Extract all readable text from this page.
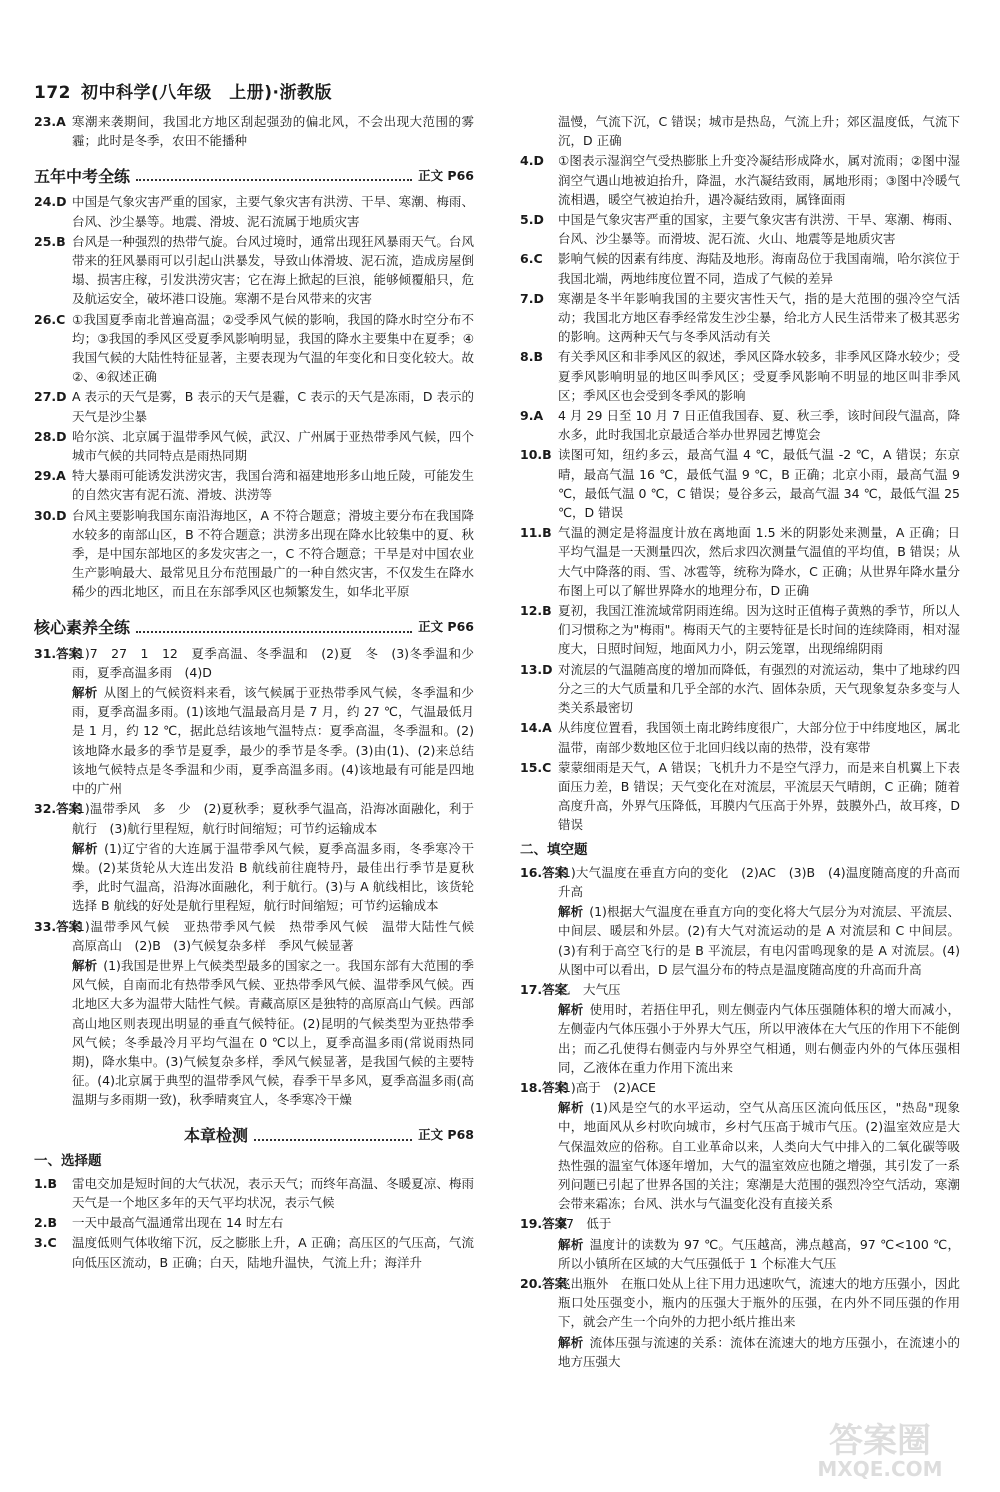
172 初中科学(八年级　上册)·浙教版
23.A 寒潮来袭期间，我国北方地区刮起强劲的偏北风，不会出现大范围的雾霾；此时是冬季，农田不能播种
五年中考全练	正文 P66
24.D 中国是气象灾害严重的国家，主要气象灾害有洪涝、干旱、寒潮、梅雨、台风、沙尘暴等。地震、滑坡、泥石流属于地质灾害
25.B 台风是一种强烈的热带气旋。台风过境时，通常出现狂风暴雨天气。台风带来的狂风暴雨可以引起山洪暴发，导致山体滑坡、泥石流，造成房屋倒塌、损害庄稼，引发洪涝灾害；它在海上掀起的巨浪，能够倾覆船只，危及航运安全，破坏港口设施。寒潮不是台风带来的灾害
26.C ①我国夏季南北普遍高温；②受季风气候的影响，我国的降水时空分布不均；③我国的季风区受夏季风影响明显，我国的降水主要集中在夏季；④我国气候的大陆性特征显著，主要表现为气温的年变化和日变化较大。故②、④叙述正确
27.D A 表示的天气是雾，B 表示的天气是霾，C 表示的天气是冻雨，D 表示的天气是沙尘暴
28.D 哈尔滨、北京属于温带季风气候，武汉、广州属于亚热带季风气候，四个城市气候的共同特点是雨热同期
29.A 特大暴雨可能诱发洪涝灾害，我国台湾和福建地形多山地丘陵，可能发生的自然灾害有泥石流、滑坡、洪涝等
30.D 台风主要影响我国东南沿海地区，A 不符合题意；滑坡主要分布在我国降水较多的南部山区，B 不符合题意；洪涝多出现在降水比较集中的夏、秋季，是中国东部地区的多发灾害之一，C 不符合题意；干旱是对中国农业生产影响最大、最常见且分布范围最广的一种自然灾害，不仅发生在降水稀少的西北地区，而且在东部季风区也频繁发生，如华北平原
核心素养全练	正文 P66
31.答案
(1)7　27　1　12　夏季高温、冬季温和　(2)夏　冬　(3)冬季温和少雨，夏季高温多雨　(4)D
解析 从图上的气候资料来看，该气候属于亚热带季风气候，冬季温和少雨，夏季高温多雨。(1)该地气温最高月是 7 月，约 27 ℃，气温最低月是 1 月，约 12 ℃，据此总结该地气温特点：夏季高温，冬季温和。(2)该地降水最多的季节是夏季，最少的季节是冬季。(3)由(1)、(2)来总结该地气候特点是冬季温和少雨，夏季高温多雨。(4)该地最有可能是四地中的广州
32.答案
(1)温带季风　多　少　(2)夏秋季；夏秋季气温高，沿海冰面融化，利于航行　(3)航行里程短，航行时间缩短；可节约运输成本
解析 (1)辽宁省的大连属于温带季风气候，夏季高温多雨，冬季寒冷干燥。(2)某货轮从大连出发沿 B 航线前往鹿特丹，最佳出行季节是夏秋季，此时气温高，沿海冰面融化，利于航行。(3)与 A 航线相比，该货轮选择 B 航线的好处是航行里程短，航行时间缩短；可节约运输成本
33.答案
(1)温带季风气候　亚热带季风气候　热带季风气候　温带大陆性气候　高原高山　(2)B　(3)气候复杂多样　季风气候显著
解析 (1)我国是世界上气候类型最多的国家之一。我国东部有大范围的季风气候，自南而北有热带季风气候、亚热带季风气候、温带季风气候。西北地区大多为温带大陆性气候。青藏高原区是独特的高原高山气候。西部高山地区则表现出明显的垂直气候特征。(2)昆明的气候类型为亚热带季风气候；冬季最冷月平均气温在 0 ℃以上，夏季高温多雨(常说雨热同期)，降水集中。(3)气候复杂多样，季风气候显著，是我国气候的主要特征。(4)北京属于典型的温带季风气候，春季干旱多风，夏季高温多雨(高温期与多雨期一致)，秋季晴爽宜人，冬季寒冷干燥
本章检测	正文 P68
一、选择题
1.B 雷电交加是短时间的大气状况，表示天气；而终年高温、冬暖夏凉、梅雨天气是一个地区多年的天气平均状况，表示气候
2.B 一天中最高气温通常出现在 14 时左右
3.C 温度低则气体收缩下沉，反之膨胀上升，A 正确；高压区的气压高，气流向低压区流动，B 正确；白天，陆地升温快，气流上升；海洋升
温慢，气流下沉，C 错误；城市是热岛，气流上升；郊区温度低，气流下沉，D 正确
4.D ①图表示湿润空气受热膨胀上升变冷凝结形成降水，属对流雨；②图中湿润空气遇山地被迫抬升，降温，水汽凝结致雨，属地形雨；③图中冷暖气流相遇，暖空气被迫抬升，遇冷凝结致雨，属锋面雨
5.D 中国是气象灾害严重的国家，主要气象灾害有洪涝、干旱、寒潮、梅雨、台风、沙尘暴等。而滑坡、泥石流、火山、地震等是地质灾害
6.C 影响气候的因素有纬度、海陆及地形。海南岛位于我国南端，哈尔滨位于我国北端，两地纬度位置不同，造成了气候的差异
7.D 寒潮是冬半年影响我国的主要灾害性天气，指的是大范围的强冷空气活动；我国北方地区春季经常发生沙尘暴，给北方人民生活带来了极其恶劣的影响。这两种天气与冬季风活动有关
8.B 有关季风区和非季风区的叙述，季风区降水较多，非季风区降水较少；受夏季风影响明显的地区叫季风区；受夏季风影响不明显的地区叫非季风区；季风区也会受到冬季风的影响
9.A 4 月 29 日至 10 月 7 日正值我国春、夏、秋三季，该时间段气温高，降水多，此时我国北京最适合举办世界园艺博览会
10.B 读图可知，纽约多云，最高气温 4 ℃，最低气温 -2 ℃，A 错误；东京晴，最高气温 16 ℃，最低气温 9 ℃，B 正确；北京小雨，最高气温 9 ℃，最低气温 0 ℃，C 错误；曼谷多云，最高气温 34 ℃，最低气温 25 ℃，D 错误
11.B 气温的测定是将温度计放在离地面 1.5 米的阴影处来测量，A 正确；日平均气温是一天测量四次，然后求四次测量气温值的平均值，B 错误；从大气中降落的雨、雪、冰雹等，统称为降水，C 正确；从世界年降水量分布图上可以了解世界降水的地理分布，D 正确
12.B 夏初，我国江淮流域常阴雨连绵。因为这时正值梅子黄熟的季节，所以人们习惯称之为"梅雨"。梅雨天气的主要特征是长时间的连续降雨，相对湿度大，日照时间短，地面风力小，阴云笼罩，出现绵绵阴雨
13.D 对流层的气温随高度的增加而降低，有强烈的对流运动，集中了地球约四分之三的大气质量和几乎全部的水汽、固体杂质，天气现象复杂多变与人类关系最密切
14.A 从纬度位置看，我国领土南北跨纬度很广，大部分位于中纬度地区，属北温带，南部少数地区位于北回归线以南的热带，没有寒带
15.C 蒙蒙细雨是天气，A 错误；飞机升力不是空气浮力，而是来自机翼上下表面压力差，B 错误；天气变化在对流层，平流层天气晴朗，C 正确；随着高度升高，外界气压降低，耳膜内气压高于外界，鼓膜外凸，故耳疼，D 错误
二、填空题
16.答案
(1)大气温度在垂直方向的变化　(2)AC　(3)B　(4)温度随高度的升高而升高
解析 (1)根据大气温度在垂直方向的变化将大气层分为对流层、平流层、中间层、暖层和外层。(2)有大气对流运动的是 A 对流层和 C 中间层。(3)有利于高空飞行的是 B 平流层，有电闪雷鸣现象的是 A 对流层。(4)从图中可以看出，D 层气温分布的特点是温度随高度的升高而升高
17.答案
乙　大气压
解析 使用时，若捂住甲孔，则左侧壶内气体压强随体积的增大而减小，左侧壶内气体压强小于外界大气压，所以甲液体在大气压的作用下不能倒出；而乙孔使得右侧壶内与外界空气相通，则右侧壶内外的气体压强相同，乙液体在重力作用下流出来
18.答案
(1)高于　(2)ACE
解析 (1)风是空气的水平运动，空气从高压区流向低压区，"热岛"现象中，地面风从乡村吹向城市，乡村气压高于城市气压。(2)温室效应是大气保温效应的俗称。自工业革命以来，人类向大气中排入的二氧化碳等吸热性强的温室气体逐年增加，大气的温室效应也随之增强，其引发了一系列问题已引起了世界各国的关注；寒潮是大范围的强烈冷空气活动，寒潮会带来霜冻；台风、洪水与气温变化没有直接关系
19.答案
97　低于
解析 温度计的读数为 97 ℃。气压越高，沸点越高，97 ℃<100 ℃，所以小镇所在区域的大气压强低于 1 个标准大气压
20.答案
飞出瓶外　在瓶口处从上往下用力迅速吹气，流速大的地方压强小，因此瓶口处压强变小，瓶内的压强大于瓶外的压强，在内外不同压强的作用下，就会产生一个向外的力把小纸片推出来
解析 流体压强与流速的关系：流体在流速大的地方压强小，在流速小的地方压强大
答案圈
MXQE.COM
